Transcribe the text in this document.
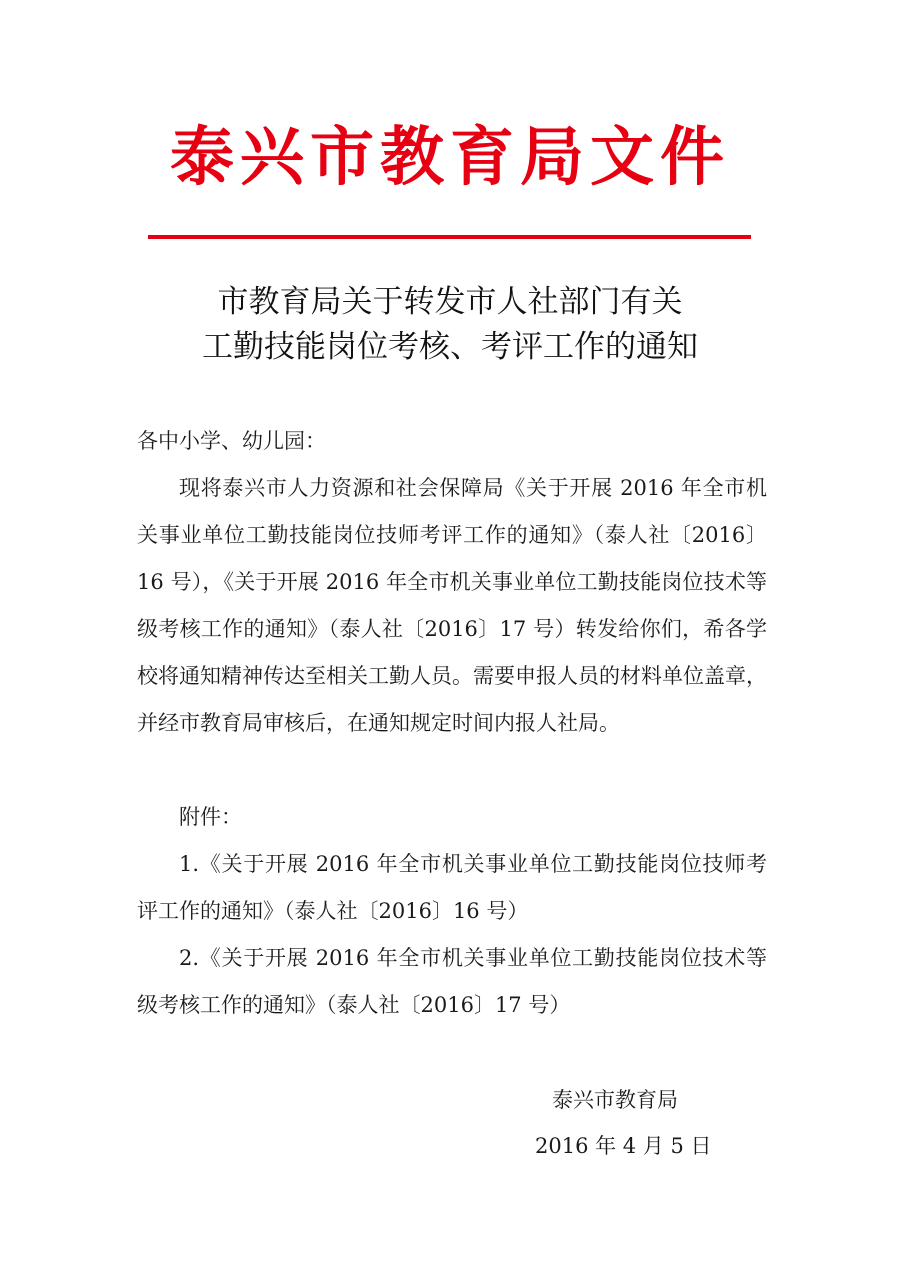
泰兴市教育局文件
市教育局关于转发市人社部门有关
工勤技能岗位考核、考评工作的通知
各中小学、幼儿园：

现将泰兴市人力资源和社会保障局《关于开展 2016 年全市机关事业单位工勤技能岗位技师考评工作的通知》（泰人社〔2016〕16 号），《关于开展 2016 年全市机关事业单位工勤技能岗位技术等级考核工作的通知》（泰人社〔2016〕17 号）转发给你们，希各学校将通知精神传达至相关工勤人员。需要申报人员的材料单位盖章，并经市教育局审核后，在通知规定时间内报人社局。

附件：

1.《关于开展 2016 年全市机关事业单位工勤技能岗位技师考评工作的通知》（泰人社〔2016〕16 号）

2.《关于开展 2016 年全市机关事业单位工勤技能岗位技术等级考核工作的通知》（泰人社〔2016〕17 号）

泰兴市教育局
2016 年 4 月 5 日
